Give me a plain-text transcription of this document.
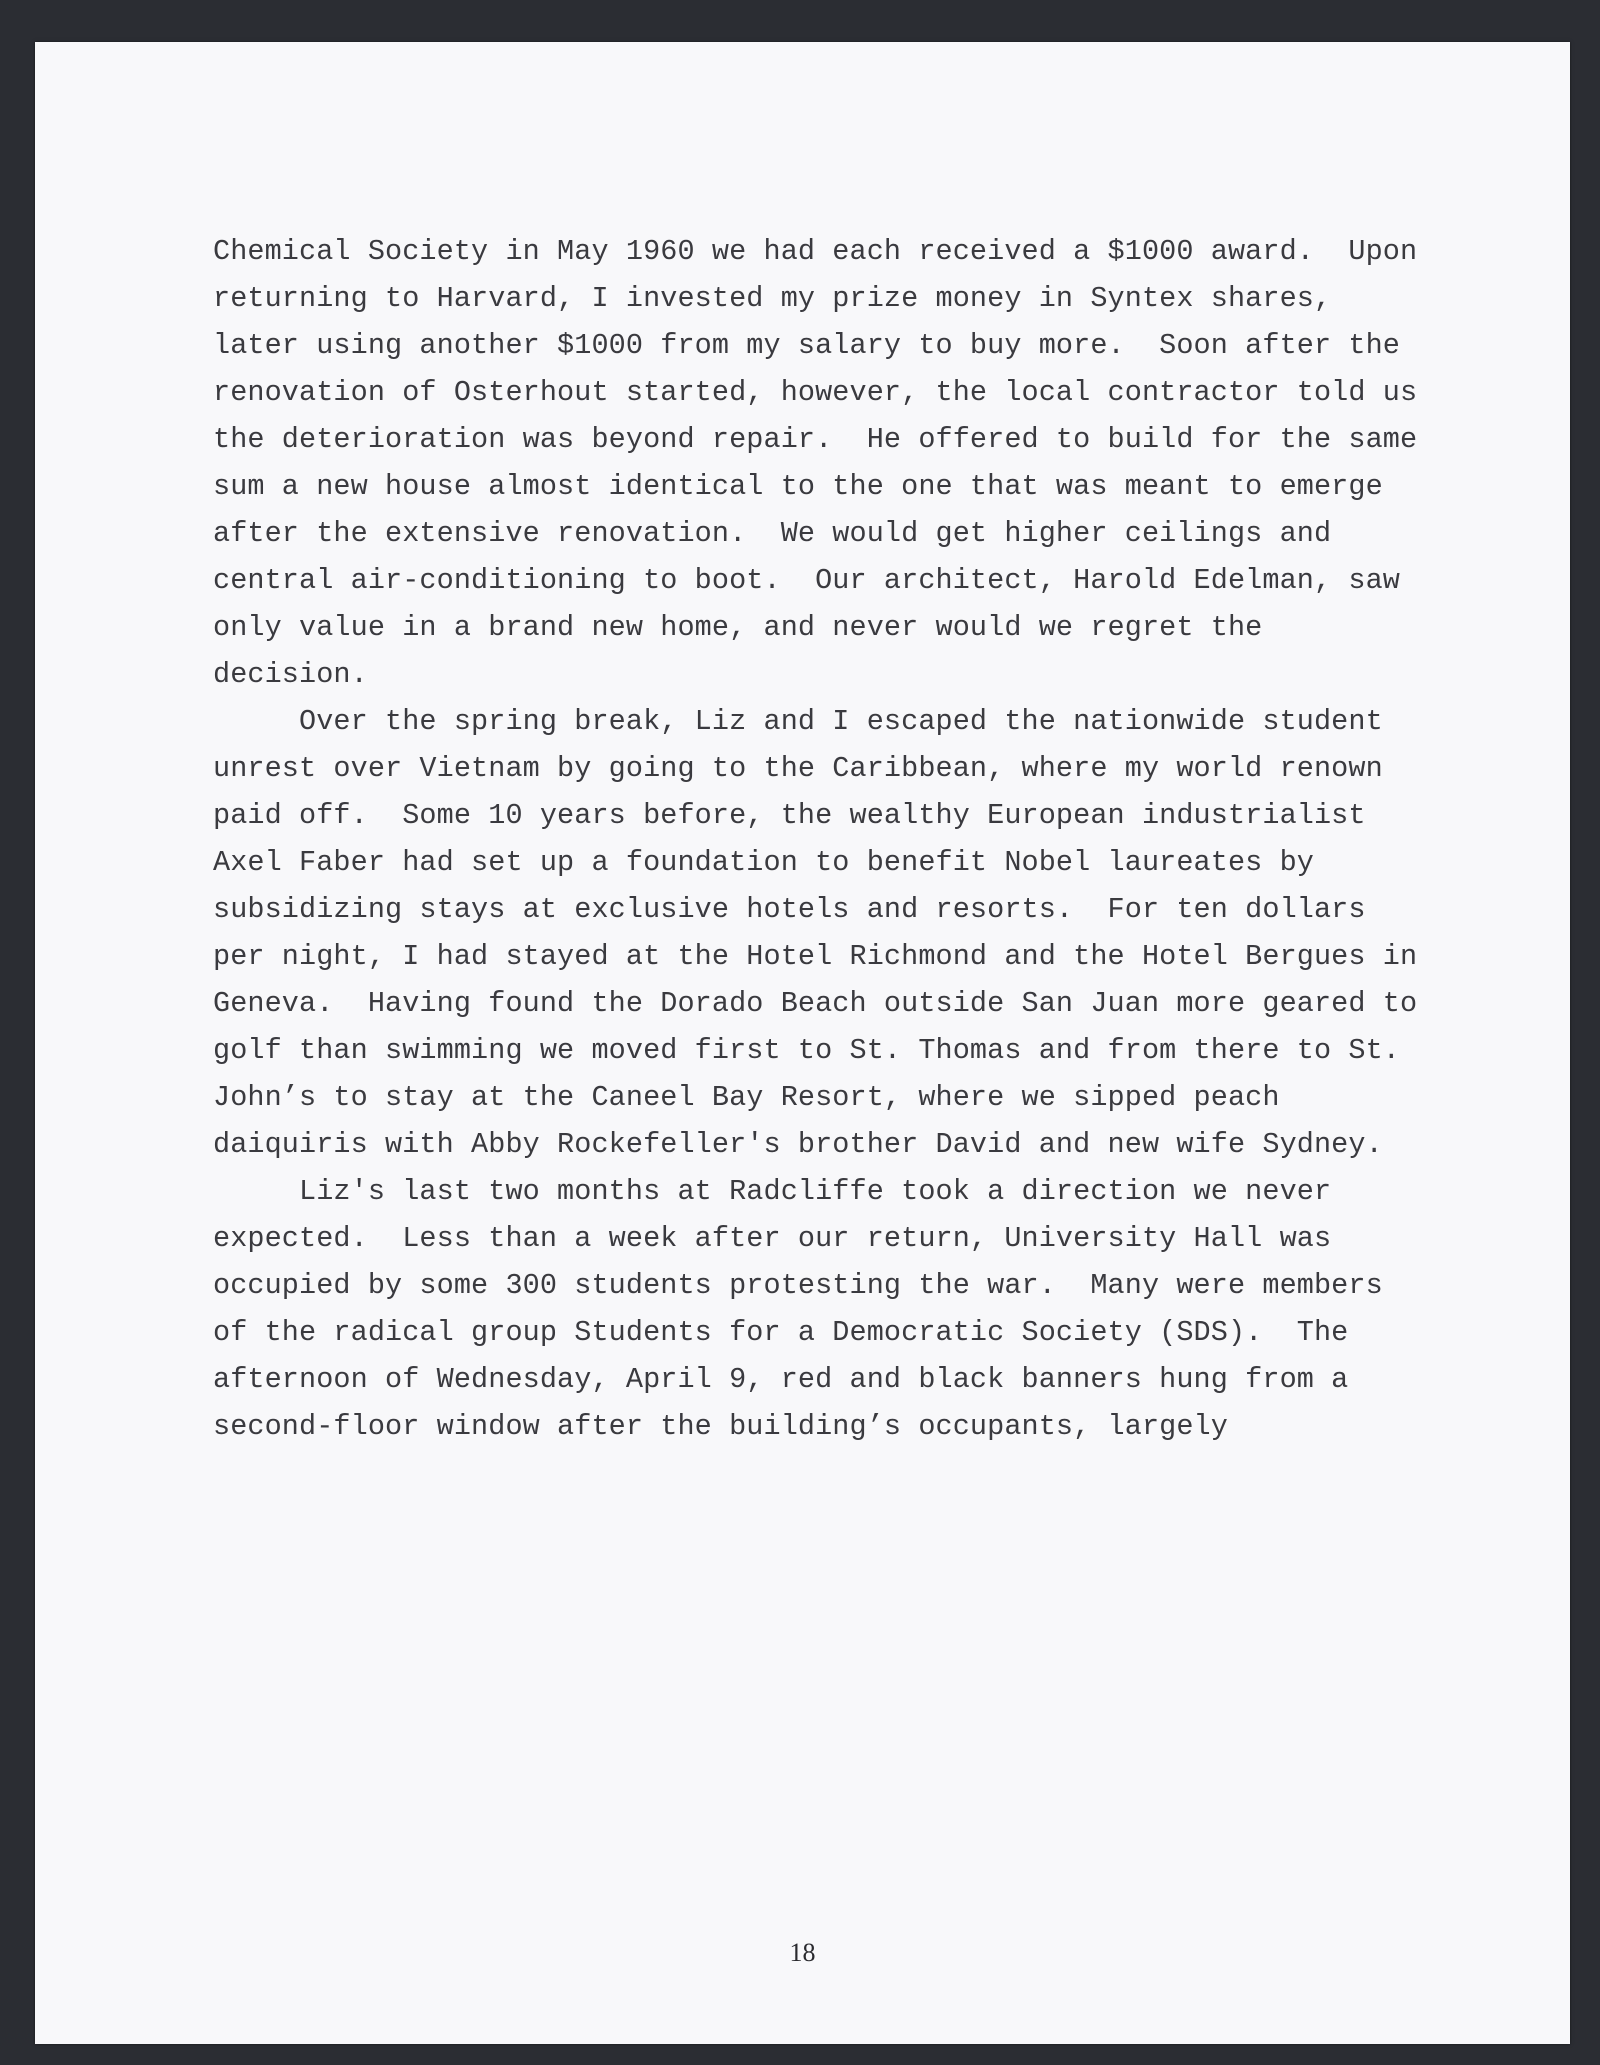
Chemical Society in May 1960 we had each received a $1000 award.  Upon
returning to Harvard, I invested my prize money in Syntex shares,
later using another $1000 from my salary to buy more.  Soon after the
renovation of Osterhout started, however, the local contractor told us
the deterioration was beyond repair.  He offered to build for the same
sum a new house almost identical to the one that was meant to emerge
after the extensive renovation.  We would get higher ceilings and
central air-conditioning to boot.  Our architect, Harold Edelman, saw
only value in a brand new home, and never would we regret the
decision.
Over the spring break, Liz and I escaped the nationwide student
unrest over Vietnam by going to the Caribbean, where my world renown
paid off.  Some 10 years before, the wealthy European industrialist
Axel Faber had set up a foundation to benefit Nobel laureates by
subsidizing stays at exclusive hotels and resorts.  For ten dollars
per night, I had stayed at the Hotel Richmond and the Hotel Bergues in
Geneva.  Having found the Dorado Beach outside San Juan more geared to
golf than swimming we moved first to St. Thomas and from there to St.
John’s to stay at the Caneel Bay Resort, where we sipped peach
daiquiris with Abby Rockefeller's brother David and new wife Sydney.
Liz's last two months at Radcliffe took a direction we never
expected.  Less than a week after our return, University Hall was
occupied by some 300 students protesting the war.  Many were members
of the radical group Students for a Democratic Society (SDS).  The
afternoon of Wednesday, April 9, red and black banners hung from a
second-floor window after the building’s occupants, largely
18
